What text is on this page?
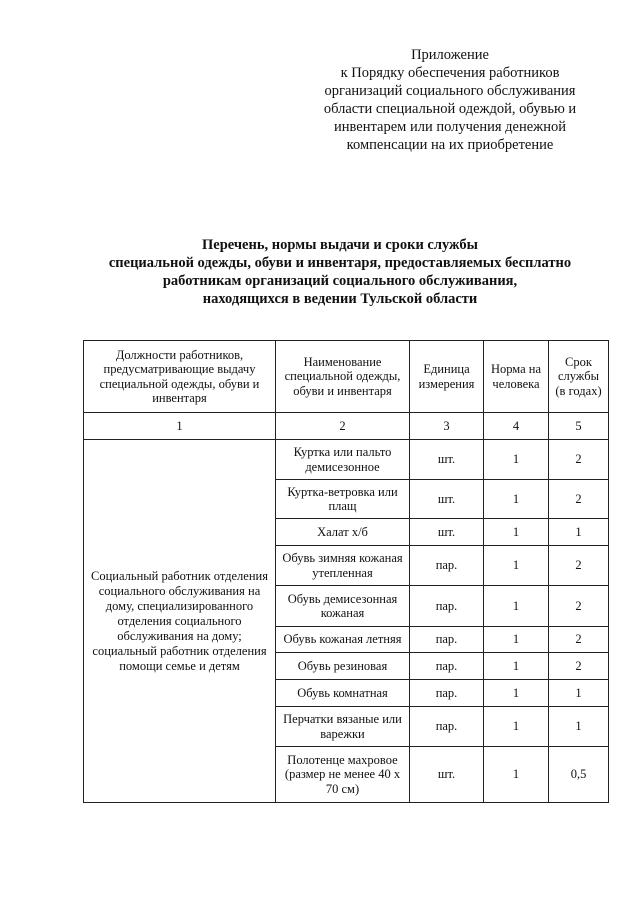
Приложение
к Порядку обеспечения работников
организаций социального обслуживания
области специальной одеждой, обувью и
инвентарем или получения денежной
компенсации на их приобретение
Перечень, нормы выдачи и сроки службы
специальной одежды, обуви и инвентаря, предоставляемых бесплатно
работникам организаций социального обслуживания,
находящихся в ведении Тульской области
Должности работников, предусматривающие выдачу специальной одежды, обуви и инвентаря	Наименование специальной одежды, обуви и инвентаря	Единица измерения	Норма на человека	Срок службы (в годах)
1	2	3	4	5
Социальный работник отделения социального обслуживания на дому, специализированного отделения социального обслуживания на дому; социальный работник отделения помощи семье и детям	Куртка или пальто демисезонное	шт.	1	2
	Куртка-ветровка или плащ	шт.	1	2
	Халат х/б	шт.	1	1
	Обувь зимняя кожаная утепленная	пар.	1	2
	Обувь демисезонная кожаная	пар.	1	2
	Обувь кожаная летняя	пар.	1	2
	Обувь резиновая	пар.	1	2
	Обувь комнатная	пар.	1	1
	Перчатки вязаные или варежки	пар.	1	1
	Полотенце махровое (размер не менее 40 х 70 см)	шт.	1	0,5
